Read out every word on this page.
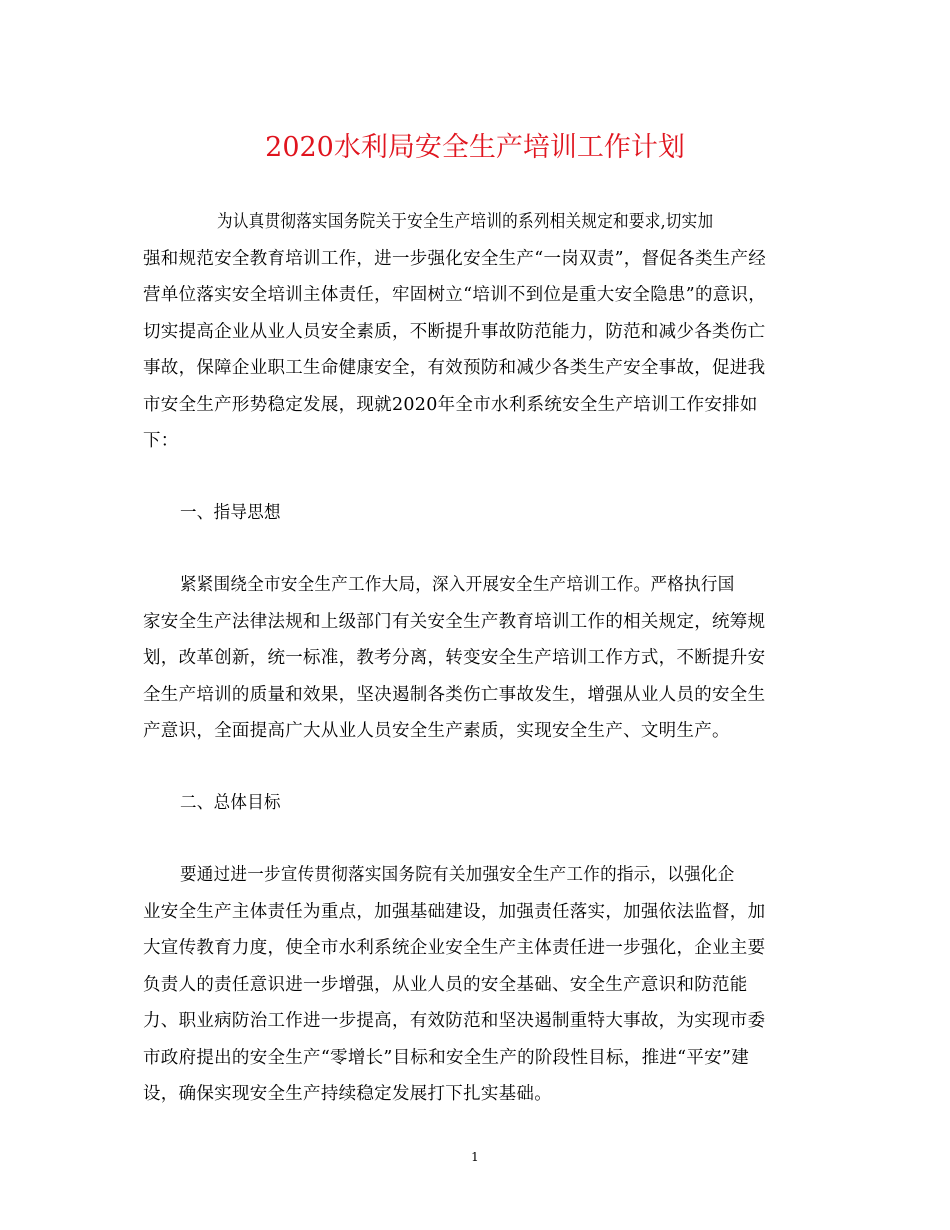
2020水利局安全生产培训工作计划
为认真贯彻落实国务院关于安全生产培训的系列相关规定和要求,切实加
强和规范安全教育培训工作，进一步强化安全生产“一岗双责”，督促各类生产经
营单位落实安全培训主体责任，牢固树立“培训不到位是重大安全隐患”的意识，
切实提高企业从业人员安全素质，不断提升事故防范能力，防范和减少各类伤亡
事故，保障企业职工生命健康安全，有效预防和减少各类生产安全事故，促进我
市安全生产形势稳定发展，现就2020年全市水利系统安全生产培训工作安排如
下：
一、指导思想
紧紧围绕全市安全生产工作大局，深入开展安全生产培训工作。严格执行国
家安全生产法律法规和上级部门有关安全生产教育培训工作的相关规定，统筹规
划，改革创新，统一标准，教考分离，转变安全生产培训工作方式，不断提升安
全生产培训的质量和效果，坚决遏制各类伤亡事故发生，增强从业人员的安全生
产意识，全面提高广大从业人员安全生产素质，实现安全生产、文明生产。
二、总体目标
要通过进一步宣传贯彻落实国务院有关加强安全生产工作的指示，以强化企
业安全生产主体责任为重点，加强基础建设，加强责任落实，加强依法监督，加
大宣传教育力度，使全市水利系统企业安全生产主体责任进一步强化，企业主要
负责人的责任意识进一步增强，从业人员的安全基础、安全生产意识和防范能
力、职业病防治工作进一步提高，有效防范和坚决遏制重特大事故，为实现市委
市政府提出的安全生产“零增长”目标和安全生产的阶段性目标，推进“平安”建
设，确保实现安全生产持续稳定发展打下扎实基础。
1
